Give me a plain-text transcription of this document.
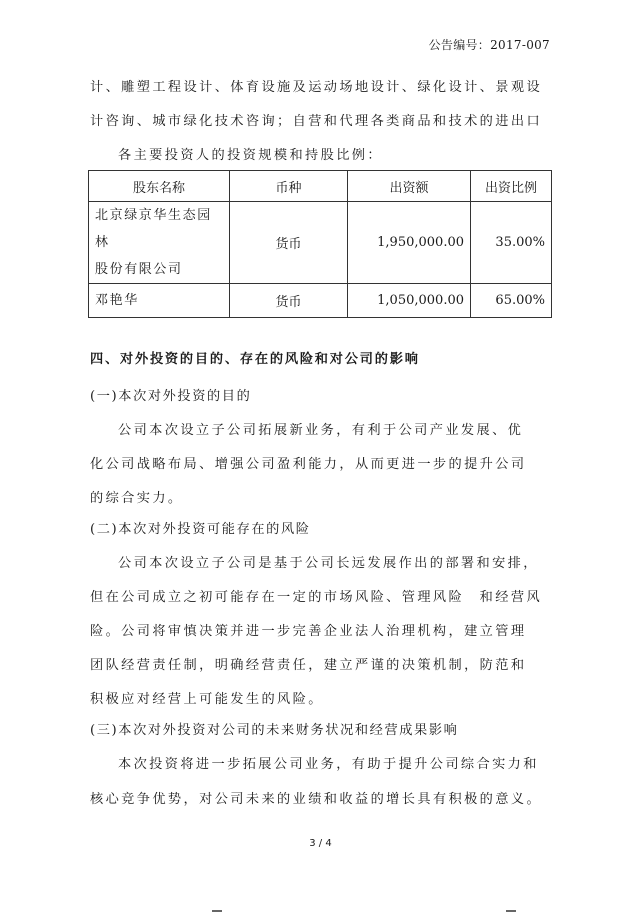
公告编号：2017-007
计、雕塑工程设计、体育设施及运动场地设计、绿化设计、景观设
计咨询、城市绿化技术咨询；自营和代理各类商品和技术的进出口
各主要投资人的投资规模和持股比例：
股东名称	币种	出资额	出资比例

北京绿京华生态园林
股份有限公司	货币	1,950,000.00	35.00%

邓艳华	货币	1,050,000.00	65.00%
四、对外投资的目的、存在的风险和对公司的影响
(一)本次对外投资的目的
公司本次设立子公司拓展新业务，有利于公司产业发展、优
化公司战略布局、增强公司盈利能力，从而更进一步的提升公司
的综合实力。
(二)本次对外投资可能存在的风险
公司本次设立子公司是基于公司长远发展作出的部署和安排，
但在公司成立之初可能存在一定的市场风险、管理风险　和经营风
险。公司将审慎决策并进一步完善企业法人治理机构，建立管理
团队经营责任制，明确经营责任，建立严谨的决策机制，防范和
积极应对经营上可能发生的风险。
(三)本次对外投资对公司的未来财务状况和经营成果影响
本次投资将进一步拓展公司业务，有助于提升公司综合实力和
核心竞争优势，对公司未来的业绩和收益的增长具有积极的意义。
3 / 4
